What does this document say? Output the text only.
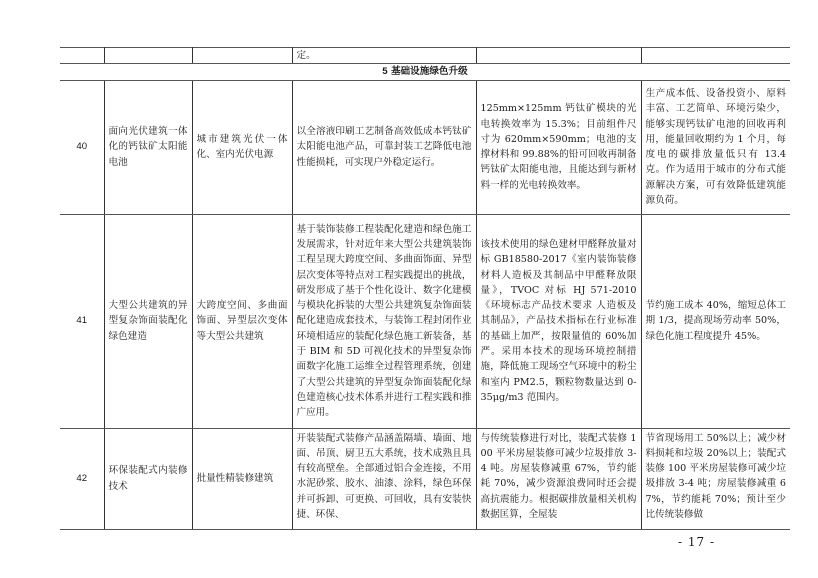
			定。		
5 基础设施绿色升级					
40	面向光伏建筑一体化的钙钛矿太阳能电池	城市建筑光伏一体化、室内光伏电源	以全溶液印刷工艺制备高效低成本钙钛矿太阳能电池产品，可靠封装工艺降低电池性能损耗，可实现户外稳定运行。	125mm×125mm 钙钛矿模块的光电转换效率为 15.3%；目前组件尺寸为 620mm×590mm；电池的支撑材料和 99.88%的铅可回收再制备钙钛矿太阳能电池，且能达到与新材料一样的光电转换效率。	生产成本低、设备投资小、原料丰富、工艺简单、环境污染少，能够实现钙钛矿电池的回收再利用，能量回收期约为 1 个月，每度电的碳排放量低只有 13.4 克。作为适用于城市的分布式能源解决方案，可有效降低建筑能源负荷。
41	大型公共建筑的异型复杂饰面装配化绿色建造	大跨度空间、多曲面饰面、异型层次变体等大型公共建筑	基于装饰装修工程装配化建造和绿色施工发展需求，针对近年来大型公共建筑装饰工程呈现大跨度空间、多曲面饰面、异型层次变体等特点对工程实践提出的挑战，研发形成了基于个性化设计、数字化建模与模块化拆装的大型公共建筑复杂饰面装配化建造成套技术，与装饰工程封闭作业环境相适应的装配化绿色施工新装备，基于 BIM 和 5D 可视化技术的异型复杂饰面数字化施工运维全过程管理系统，创建了大型公共建筑的异型复杂饰面装配化绿色建造核心技术体系并进行工程实践和推广应用。	该技术使用的绿色建材甲醛释放量对标 GB18580-2017《室内装饰装修材料人造板及其制品中甲醛释放限量》，TVOC 对标 HJ 571-2010《环境标志产品技术要求 人造板及其制品》，产品技术指标在行业标准的基础上加严，按限量值的 60%加严。采用本技术的现场环境控制措施，降低施工现场空气环境中的粉尘和室内 PM2.5，颗粒物数量达到 0-35μg/m3 范围内。	节约施工成本 40%，缩短总体工期 1/3，提高现场劳动率 50%，绿色化施工程度提升 45%。
42	环保装配式内装修技术	批量性精装修建筑	开装装配式装修产品涵盖隔墙、墙面、地面、吊顶、厨卫五大系统，技术成熟且具有较高壁垒。全部通过铝合金连接，不用水泥砂浆、胶水、油漆、涂料，绿色环保并可拆卸、可更换、可回收，具有安装快捷、环保、	与传统装修进行对比，装配式装修 100 平米房屋装修可减少垃圾排放 3-4 吨。房屋装修减重 67%，节约能耗 70%，减少资源浪费同时还会提高抗震能力。根据碳排放量相关机构数据匡算，全屋装	节省现场用工 50%以上；减少材料损耗和垃圾 20%以上；装配式装修 100 平米房屋装修可减少垃圾排放 3-4 吨；房屋装修减重 67%，节约能耗 70%；预计至少比传统装修做
- 17 -
